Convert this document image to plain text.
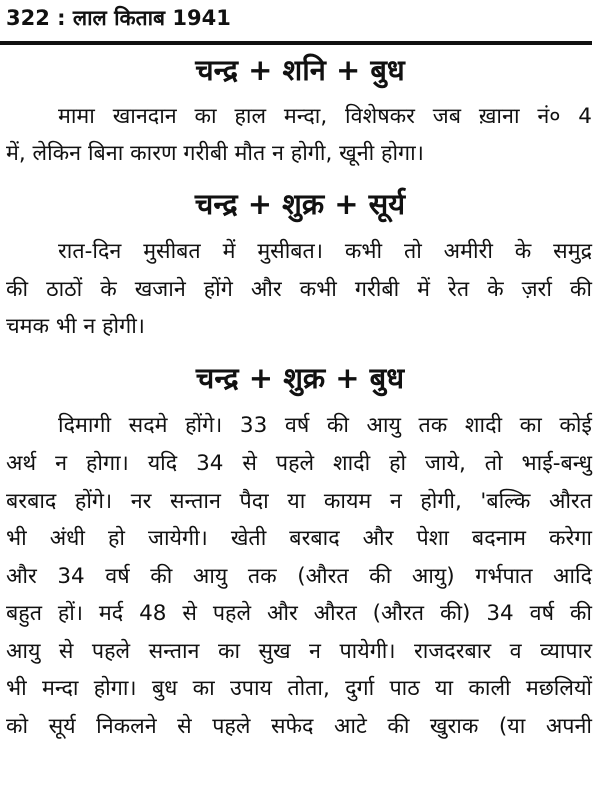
322 : लाल किताब 1941
चन्द्र + शनि + बुध
मामा खानदान का हाल मन्दा, विशेषकर जब ख़ाना नं० 4
में, लेकिन बिना कारण गरीबी मौत न होगी, खूनी होगा।
चन्द्र + शुक्र + सूर्य
रात-दिन मुसीबत में मुसीबत। कभी तो अमीरी के समुद्र
की ठाठों के खजाने होंगे और कभी गरीबी में रेत के ज़र्रा की
चमक भी न होगी।
चन्द्र + शुक्र + बुध
दिमागी सदमे होंगे। 33 वर्ष की आयु तक शादी का कोई
अर्थ न होगा। यदि 34 से पहले शादी हो जाये, तो भाई-बन्धु
बरबाद होंगे। नर सन्तान पैदा या कायम न होगी, 'बल्कि औरत
भी अंधी हो जायेगी। खेती बरबाद और पेशा बदनाम करेगा
और 34 वर्ष की आयु तक (औरत की आयु) गर्भपात आदि
बहुत हों। मर्द 48 से पहले और औरत (औरत की) 34 वर्ष की
आयु से पहले सन्तान का सुख न पायेगी। राजदरबार व व्यापार
भी मन्दा होगा। बुध का उपाय तोता, दुर्गा पाठ या काली मछलियों
को सूर्य निकलने से पहले सफेद आटे की खुराक (या अपनी
